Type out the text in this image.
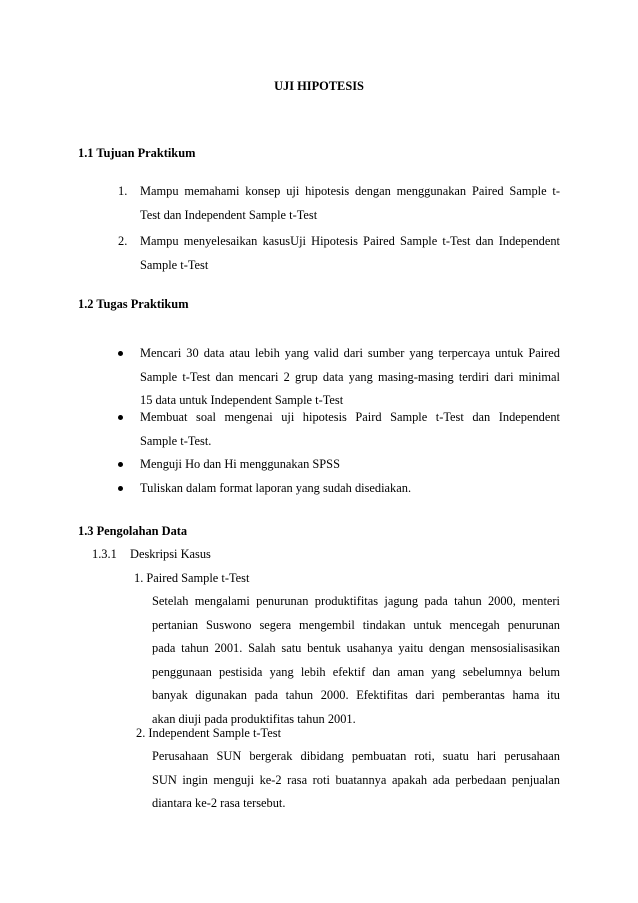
UJI HIPOTESIS
1.1 Tujuan Praktikum
1. Mampu memahami konsep uji hipotesis dengan menggunakan Paired Sample t-
Test dan Independent Sample t-Test
2. Mampu menyelesaikan kasusUji Hipotesis Paired Sample t-Test dan Independent
Sample t-Test
1.2 Tugas Praktikum
Mencari 30 data atau lebih yang valid dari sumber yang terpercaya untuk Paired
Sample t-Test dan mencari 2 grup data yang masing-masing terdiri dari minimal
15 data untuk Independent Sample t-Test
Membuat soal mengenai uji hipotesis Paird Sample t-Test dan Independent
Sample t-Test.
Menguji Ho dan Hi menggunakan SPSS
Tuliskan dalam format laporan yang sudah disediakan.
1.3 Pengolahan Data
1.3.1 Deskripsi Kasus
1. Paired Sample t-Test
Setelah mengalami penurunan produktifitas jagung pada tahun 2000, menteri
pertanian Suswono segera mengembil tindakan untuk mencegah penurunan
pada tahun 2001. Salah satu bentuk usahanya yaitu dengan mensosialisasikan
penggunaan pestisida yang lebih efektif dan aman yang sebelumnya belum
banyak digunakan pada tahun 2000. Efektifitas dari pemberantas hama itu
akan diuji pada produktifitas tahun 2001.
2. Independent Sample t-Test
Perusahaan SUN bergerak dibidang pembuatan roti, suatu hari perusahaan
SUN ingin menguji ke-2 rasa roti buatannya apakah ada perbedaan penjualan
diantara ke-2 rasa tersebut.
